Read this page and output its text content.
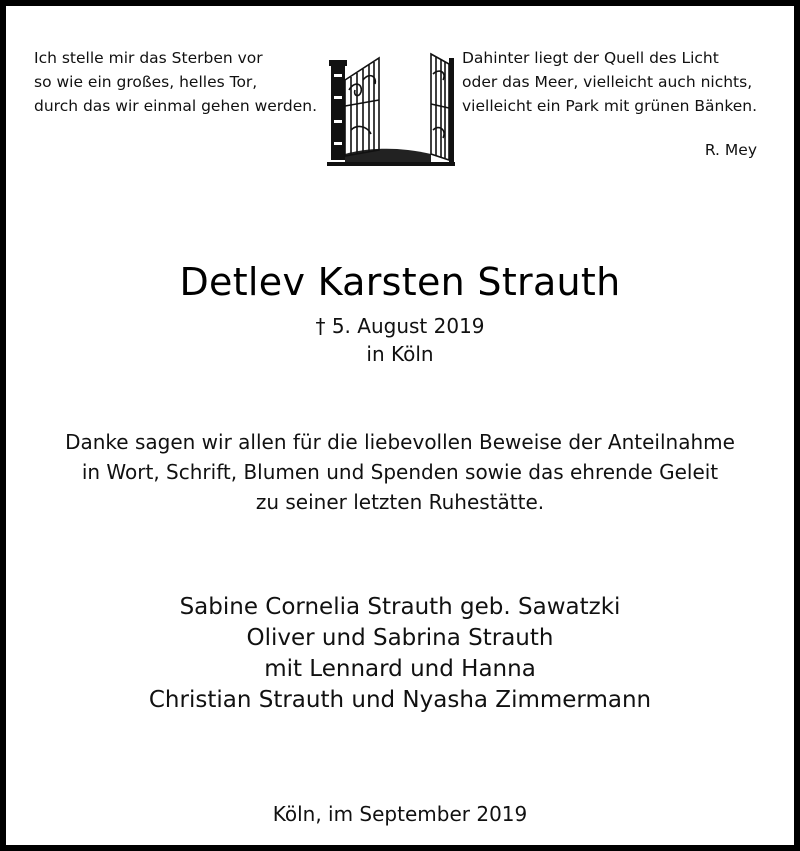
Ich stelle mir das Sterben vor
so wie ein großes, helles Tor,
durch das wir einmal gehen werden.
Dahinter liegt der Quell des Licht
oder das Meer, vielleicht auch nichts,
vielleicht ein Park mit grünen Bänken.
R. Mey
Detlev Karsten Strauth
† 5. August 2019
in Köln
Danke sagen wir allen für die liebevollen Beweise der Anteilnahme
in Wort, Schrift, Blumen und Spenden sowie das ehrende Geleit
zu seiner letzten Ruhestätte.
Sabine Cornelia Strauth geb. Sawatzki
Oliver und Sabrina Strauth
mit Lennard und Hanna
Christian Strauth und Nyasha Zimmermann
Köln, im September 2019
